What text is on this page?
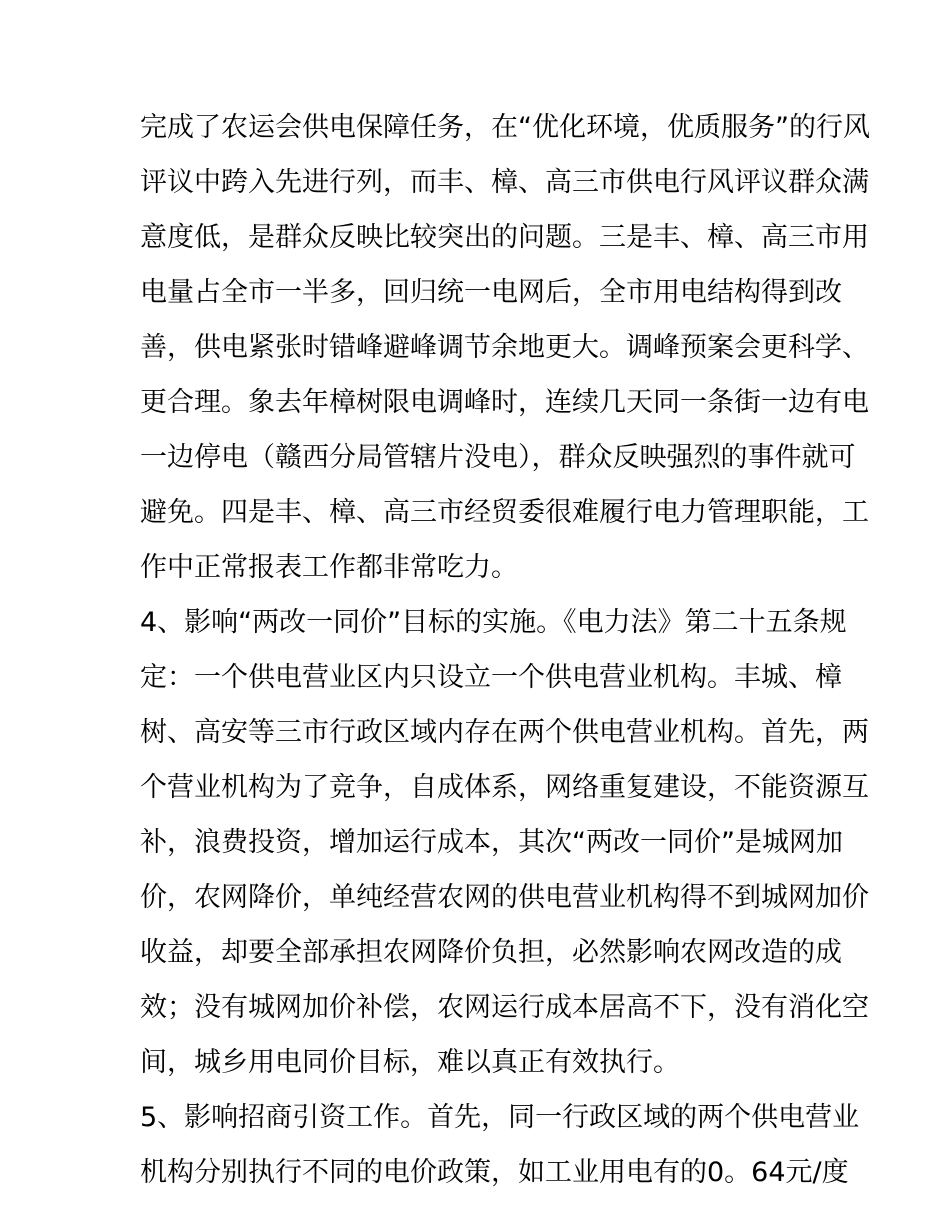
完成了农运会供电保障任务，在“优化环境，优质服务”的行风
评议中跨入先进行列，而丰、樟、高三市供电行风评议群众满
意度低，是群众反映比较突出的问题。三是丰、樟、高三市用
电量占全市一半多，回归统一电网后，全市用电结构得到改
善，供电紧张时错峰避峰调节余地更大。调峰预案会更科学、
更合理。象去年樟树限电调峰时，连续几天同一条街一边有电
一边停电（赣西分局管辖片没电），群众反映强烈的事件就可
避免。四是丰、樟、高三市经贸委很难履行电力管理职能，工
作中正常报表工作都非常吃力。
4、影响“两改一同价”目标的实施。《电力法》第二十五条规
定：一个供电营业区内只设立一个供电营业机构。丰城、樟
树、高安等三市行政区域内存在两个供电营业机构。首先，两
个营业机构为了竞争，自成体系，网络重复建设，不能资源互
补，浪费投资，增加运行成本，其次“两改一同价”是城网加
价，农网降价，单纯经营农网的供电营业机构得不到城网加价
收益，却要全部承担农网降价负担，必然影响农网改造的成
效；没有城网加价补偿，农网运行成本居高不下，没有消化空
间，城乡用电同价目标，难以真正有效执行。
5、影响招商引资工作。首先，同一行政区域的两个供电营业
机构分别执行不同的电价政策，如工业用电有的0。64元/度
